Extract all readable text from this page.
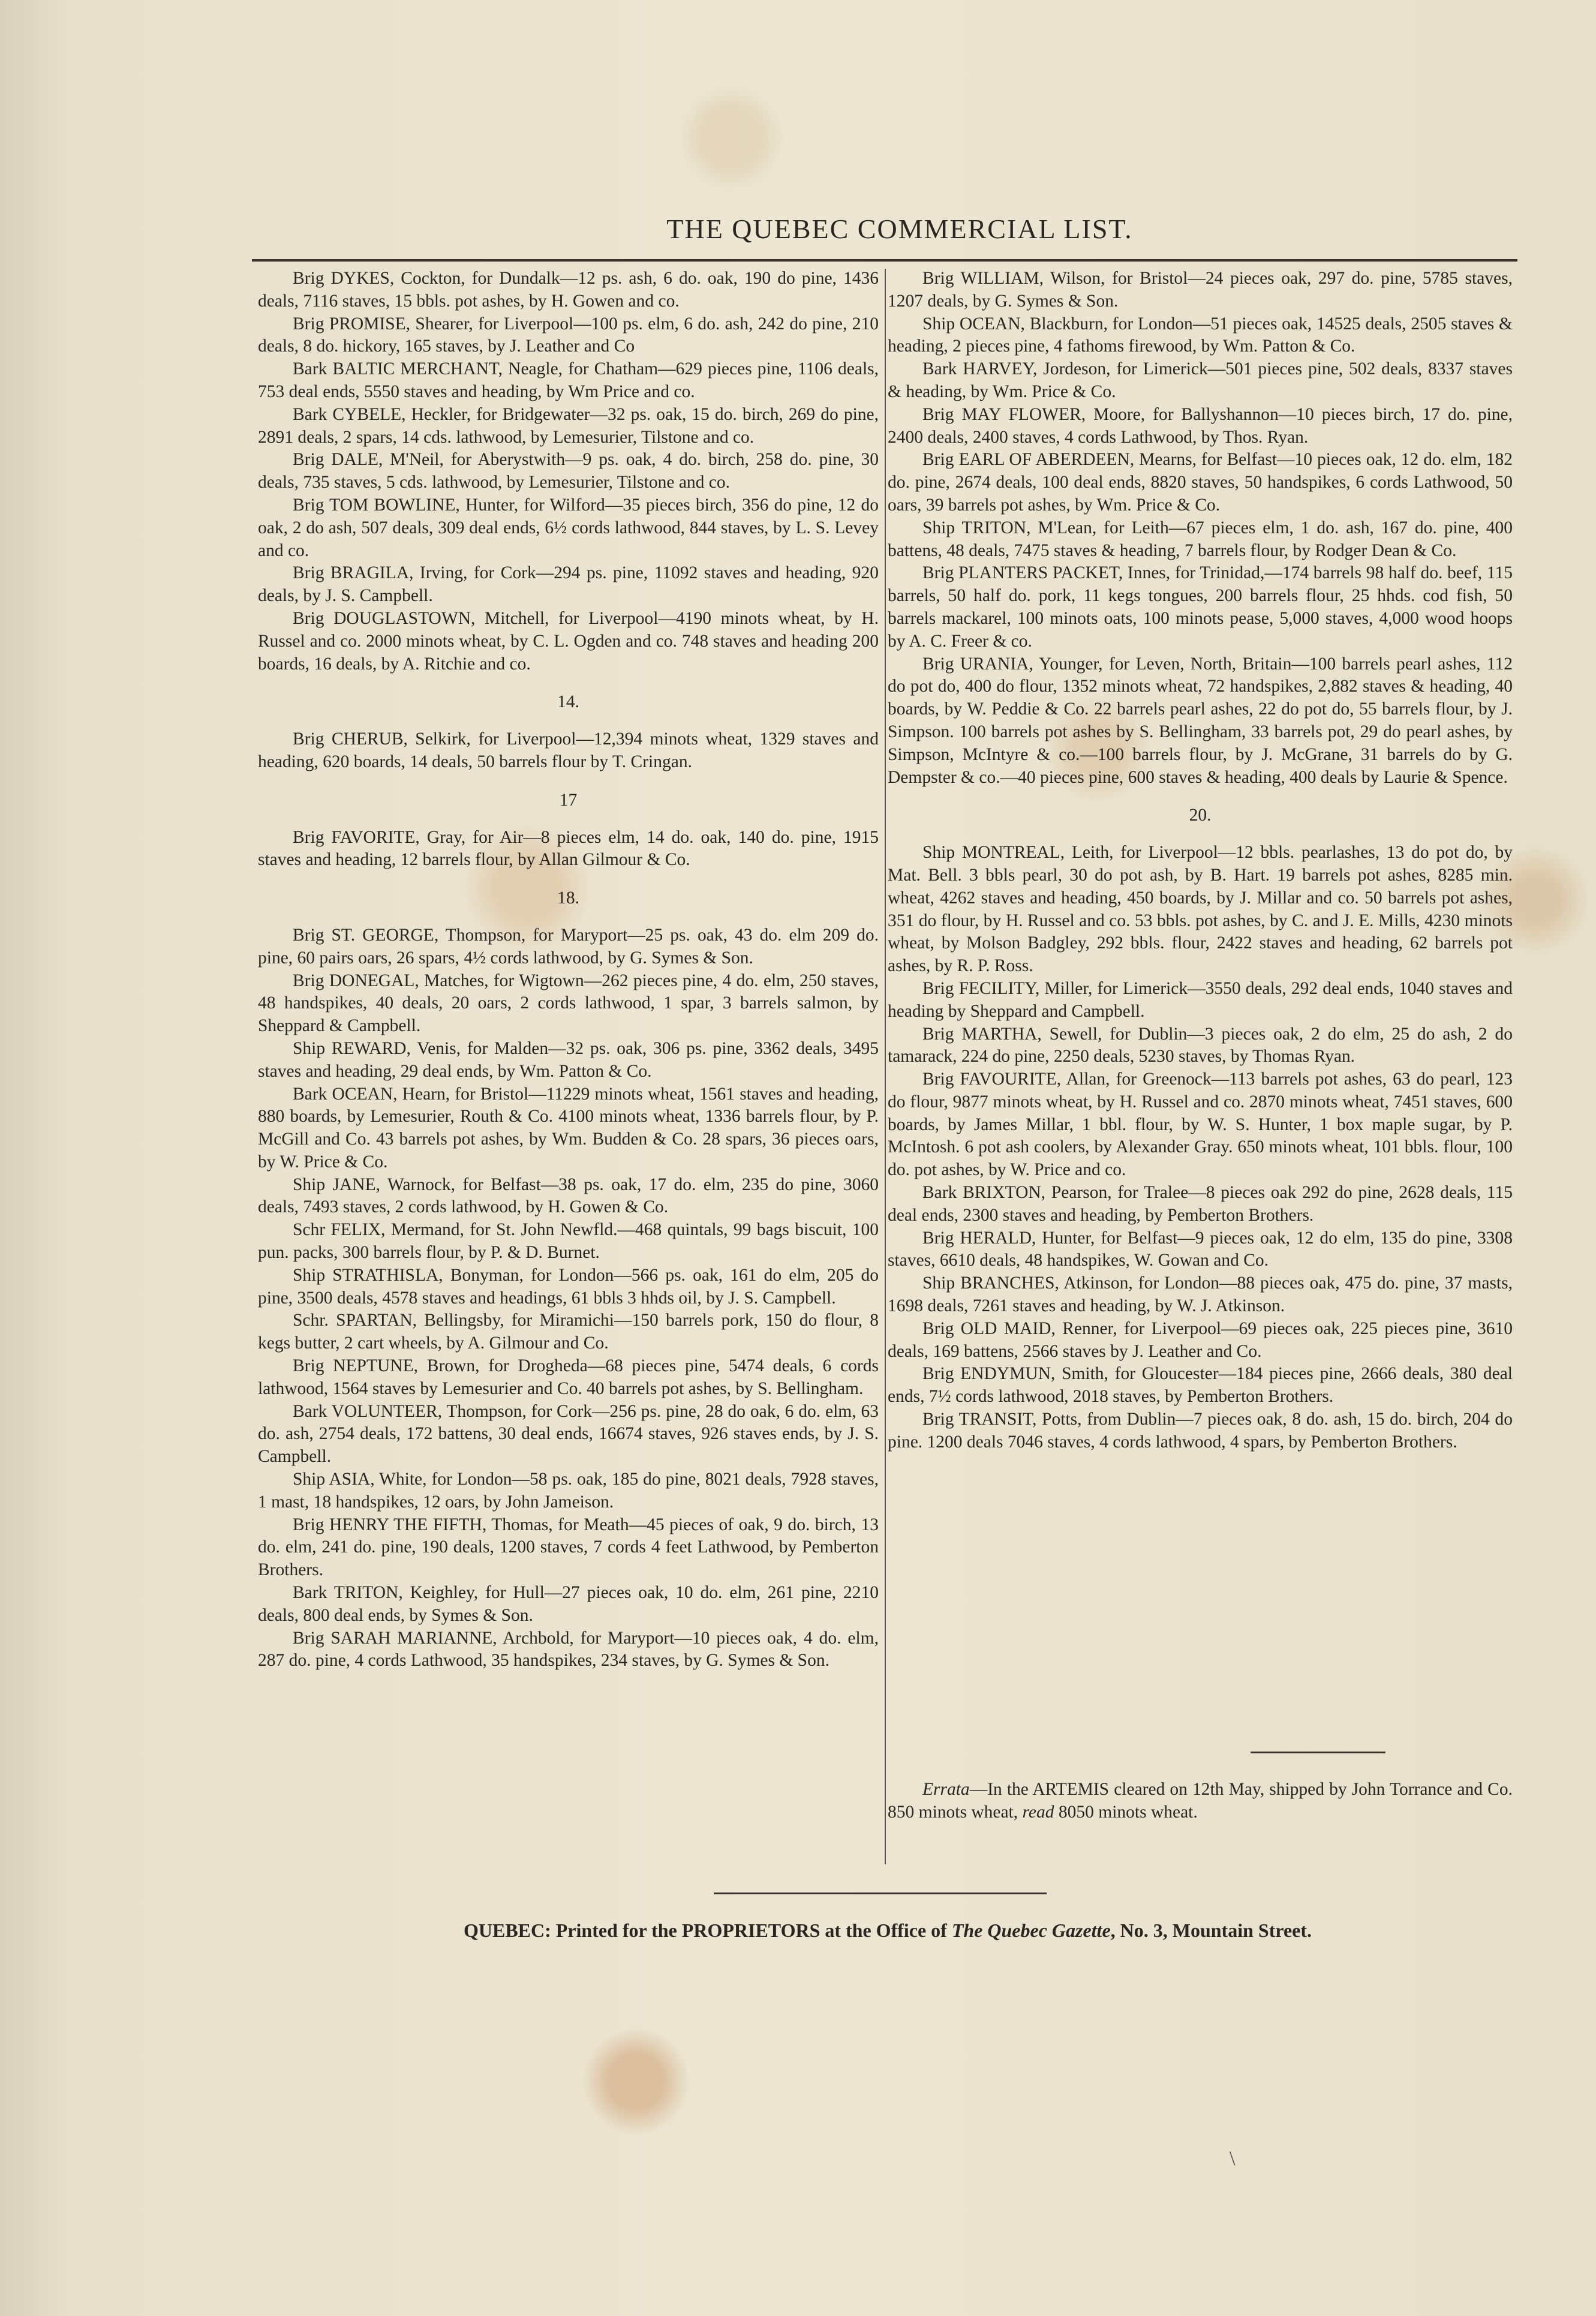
THE QUEBEC COMMERCIAL LIST.

Brig DYKES, Cockton, for Dundalk—12 ps. ash, 6 do. oak, 190 do pine, 1436 deals, 7116 staves, 15 bbls. pot ashes, by H. Gowen and co.

Brig PROMISE, Shearer, for Liverpool—100 ps. elm, 6 do. ash, 242 do pine, 210 deals, 8 do. hickory, 165 staves, by J. Leather and Co

Bark BALTIC MERCHANT, Neagle, for Chatham—629 pieces pine, 1106 deals, 753 deal ends, 5550 staves and heading, by Wm Price and co.

Bark CYBELE, Heckler, for Bridgewater—32 ps. oak, 15 do. birch, 269 do pine, 2891 deals, 2 spars, 14 cds. lathwood, by Lemesurier, Tilstone and co.

Brig DALE, M'Neil, for Aberystwith—9 ps. oak, 4 do. birch, 258 do. pine, 30 deals, 735 staves, 5 cds. lathwood, by Lemesurier, Tilstone and co.

Brig TOM BOWLINE, Hunter, for Wilford—35 pieces birch, 356 do pine, 12 do oak, 2 do ash, 507 deals, 309 deal ends, 6½ cords lathwood, 844 staves, by L. S. Levey and co.

Brig BRAGILA, Irving, for Cork—294 ps. pine, 11092 staves and heading, 920 deals, by J. S. Campbell.

Brig DOUGLASTOWN, Mitchell, for Liverpool—4190 minots wheat, by H. Russel and co. 2000 minots wheat, by C. L. Ogden and co. 748 staves and heading 200 boards, 16 deals, by A. Ritchie and co.

14.

Brig CHERUB, Selkirk, for Liverpool—12,394 minots wheat, 1329 staves and heading, 620 boards, 14 deals, 50 barrels flour by T. Cringan.

17

Brig FAVORITE, Gray, for Air—8 pieces elm, 14 do. oak, 140 do. pine, 1915 staves and heading, 12 barrels flour, by Allan Gilmour & Co.

18.

Brig ST. GEORGE, Thompson, for Maryport—25 ps. oak, 43 do. elm 209 do. pine, 60 pairs oars, 26 spars, 4½ cords lathwood, by G. Symes & Son.

Brig DONEGAL, Matches, for Wigtown—262 pieces pine, 4 do. elm, 250 staves, 48 handspikes, 40 deals, 20 oars, 2 cords lathwood, 1 spar, 3 barrels salmon, by Sheppard & Campbell.

Ship REWARD, Venis, for Malden—32 ps. oak, 306 ps. pine, 3362 deals, 3495 staves and heading, 29 deal ends, by Wm. Patton & Co.

Bark OCEAN, Hearn, for Bristol—11229 minots wheat, 1561 staves and heading, 880 boards, by Lemesurier, Routh & Co. 4100 minots wheat, 1336 barrels flour, by P. McGill and Co. 43 barrels pot ashes, by Wm. Budden & Co. 28 spars, 36 pieces oars, by W. Price & Co.

Ship JANE, Warnock, for Belfast—38 ps. oak, 17 do. elm, 235 do pine, 3060 deals, 7493 staves, 2 cords lathwood, by H. Gowen & Co.

Schr FELIX, Mermand, for St. John Newfld.—468 quintals, 99 bags biscuit, 100 pun. packs, 300 barrels flour, by P. & D. Burnet.

Ship STRATHISLA, Bonyman, for London—566 ps. oak, 161 do elm, 205 do pine, 3500 deals, 4578 staves and headings, 61 bbls 3 hhds oil, by J. S. Campbell.

Schr. SPARTAN, Bellingsby, for Miramichi—150 barrels pork, 150 do flour, 8 kegs butter, 2 cart wheels, by A. Gilmour and Co.

Brig NEPTUNE, Brown, for Drogheda—68 pieces pine, 5474 deals, 6 cords lathwood, 1564 staves by Lemesurier and Co. 40 barrels pot ashes, by S. Bellingham.

Bark VOLUNTEER, Thompson, for Cork—256 ps. pine, 28 do oak, 6 do. elm, 63 do. ash, 2754 deals, 172 battens, 30 deal ends, 16674 staves, 926 staves ends, by J. S. Campbell.

Ship ASIA, White, for London—58 ps. oak, 185 do pine, 8021 deals, 7928 staves, 1 mast, 18 handspikes, 12 oars, by John Jameison.

Brig HENRY THE FIFTH, Thomas, for Meath—45 pieces of oak, 9 do. birch, 13 do. elm, 241 do. pine, 190 deals, 1200 staves, 7 cords 4 feet Lathwood, by Pemberton Brothers.

Bark TRITON, Keighley, for Hull—27 pieces oak, 10 do. elm, 261 pine, 2210 deals, 800 deal ends, by Symes & Son.

Brig SARAH MARIANNE, Archbold, for Maryport—10 pieces oak, 4 do. elm, 287 do. pine, 4 cords Lathwood, 35 handspikes, 234 staves, by G. Symes & Son.

Brig WILLIAM, Wilson, for Bristol—24 pieces oak, 297 do. pine, 5785 staves, 1207 deals, by G. Symes & Son.

Ship OCEAN, Blackburn, for London—51 pieces oak, 14525 deals, 2505 staves & heading, 2 pieces pine, 4 fathoms firewood, by Wm. Patton & Co.

Bark HARVEY, Jordeson, for Limerick—501 pieces pine, 502 deals, 8337 staves & heading, by Wm. Price & Co.

Brig MAY FLOWER, Moore, for Ballyshannon—10 pieces birch, 17 do. pine, 2400 deals, 2400 staves, 4 cords Lathwood, by Thos. Ryan.

Brig EARL OF ABERDEEN, Mearns, for Belfast—10 pieces oak, 12 do. elm, 182 do. pine, 2674 deals, 100 deal ends, 8820 staves, 50 handspikes, 6 cords Lathwood, 50 oars, 39 barrels pot ashes, by Wm. Price & Co.

Ship TRITON, M'Lean, for Leith—67 pieces elm, 1 do. ash, 167 do. pine, 400 battens, 48 deals, 7475 staves & heading, 7 barrels flour, by Rodger Dean & Co.

Brig PLANTERS PACKET, Innes, for Trinidad,—174 barrels 98 half do. beef, 115 barrels, 50 half do. pork, 11 kegs tongues, 200 barrels flour, 25 hhds. cod fish, 50 barrels mackarel, 100 minots oats, 100 minots pease, 5,000 staves, 4,000 wood hoops by A. C. Freer & co.

Brig URANIA, Younger, for Leven, North, Britain—100 barrels pearl ashes, 112 do pot do, 400 do flour, 1352 minots wheat, 72 handspikes, 2,882 staves & heading, 40 boards, by W. Peddie & Co. 22 barrels pearl ashes, 22 do pot do, 55 barrels flour, by J. Simpson. 100 barrels pot ashes by S. Bellingham, 33 barrels pot, 29 do pearl ashes, by Simpson, McIntyre & co.—100 barrels flour, by J. McGrane, 31 barrels do by G. Dempster & co.—40 pieces pine, 600 staves & heading, 400 deals by Laurie & Spence.

20.

Ship MONTREAL, Leith, for Liverpool—12 bbls. pearlashes, 13 do pot do, by Mat. Bell. 3 bbls pearl, 30 do pot ash, by B. Hart. 19 barrels pot ashes, 8285 min. wheat, 4262 staves and heading, 450 boards, by J. Millar and co. 50 barrels pot ashes, 351 do flour, by H. Russel and co. 53 bbls. pot ashes, by C. and J. E. Mills, 4230 minots wheat, by Molson Badgley, 292 bbls. flour, 2422 staves and heading, 62 barrels pot ashes, by R. P. Ross.

Brig FECILITY, Miller, for Limerick—3550 deals, 292 deal ends, 1040 staves and heading by Sheppard and Campbell.

Brig MARTHA, Sewell, for Dublin—3 pieces oak, 2 do elm, 25 do ash, 2 do tamarack, 224 do pine, 2250 deals, 5230 staves, by Thomas Ryan.

Brig FAVOURITE, Allan, for Greenock—113 barrels pot ashes, 63 do pearl, 123 do flour, 9877 minots wheat, by H. Russel and co. 2870 minots wheat, 7451 staves, 600 boards, by James Millar, 1 bbl. flour, by W. S. Hunter, 1 box maple sugar, by P. McIntosh. 6 pot ash coolers, by Alexander Gray. 650 minots wheat, 101 bbls. flour, 100 do. pot ashes, by W. Price and co.

Bark BRIXTON, Pearson, for Tralee—8 pieces oak 292 do pine, 2628 deals, 115 deal ends, 2300 staves and heading, by Pemberton Brothers.

Brig HERALD, Hunter, for Belfast—9 pieces oak, 12 do elm, 135 do pine, 3308 staves, 6610 deals, 48 handspikes, W. Gowan and Co.

Ship BRANCHES, Atkinson, for London—88 pieces oak, 475 do. pine, 37 masts, 1698 deals, 7261 staves and heading, by W. J. Atkinson.

Brig OLD MAID, Renner, for Liverpool—69 pieces oak, 225 pieces pine, 3610 deals, 169 battens, 2566 staves by J. Leather and Co.

Brig ENDYMUN, Smith, for Gloucester—184 pieces pine, 2666 deals, 380 deal ends, 7½ cords lathwood, 2018 staves, by Pemberton Brothers.

Brig TRANSIT, Potts, from Dublin—7 pieces oak, 8 do. ash, 15 do. birch, 204 do pine. 1200 deals 7046 staves, 4 cords lathwood, 4 spars, by Pemberton Brothers.

Errata—In the ARTEMIS cleared on 12th May, shipped by John Torrance and Co. 850 minots wheat, read 8050 minots wheat.

QUEBEC: Printed for the PROPRIETORS at the Office of The Quebec Gazette, No. 3, Mountain Street.
\
